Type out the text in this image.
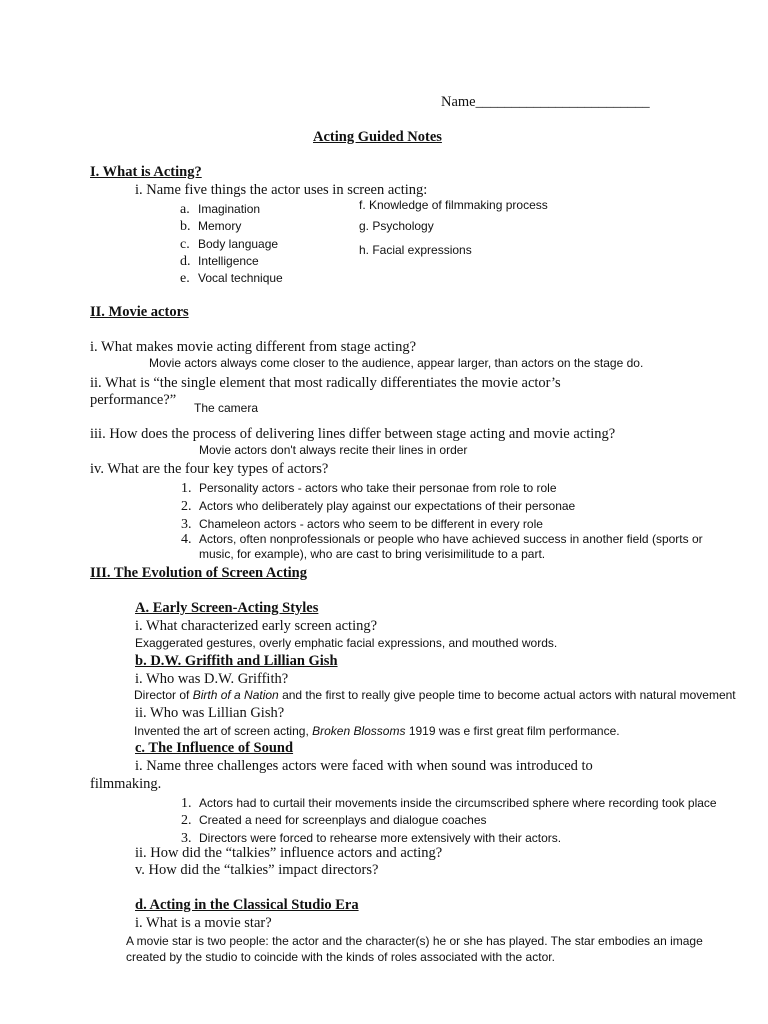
Name________________________
Acting Guided Notes
I. What is Acting?
i. Name five things the actor uses in screen acting:
a. Imagination
b. Memory
c. Body language
d. Intelligence
e. Vocal technique
f. Knowledge of filmmaking process
g. Psychology
h. Facial expressions
II. Movie actors
i. What makes movie acting different from stage acting?
Movie actors always come closer to the audience, appear larger, than actors on the stage do.
ii. What is “the single element that most radically differentiates the movie actor’s
performance?” The camera
iii. How does the process of delivering lines differ between stage acting and movie acting?
Movie actors don't always recite their lines in order
iv. What are the four key types of actors?
1. Personality actors - actors who take their personae from role to role
2. Actors who deliberately play against our expectations of their personae
3. Chameleon actors - actors who seem to be different in every role
4. Actors, often nonprofessionals or people who have achieved success in another field (sports or music, for example), who are cast to bring verisimilitude to a part.
III. The Evolution of Screen Acting
A. Early Screen-Acting Styles
i. What characterized early screen acting?
Exaggerated gestures, overly emphatic facial expressions, and mouthed words.
b. D.W. Griffith and Lillian Gish
i. Who was D.W. Griffith?
Director of Birth of a Nation and the first to really give people time to become actual actors with natural movement
ii. Who was Lillian Gish?
Invented the art of screen acting, Broken Blossoms 1919 was e first great film performance.
c. The Influence of Sound
i. Name three challenges actors were faced with when sound was introduced to
filmmaking.
1. Actors had to curtail their movements inside the circumscribed sphere where recording took place
2. Created a need for screenplays and dialogue coaches
3. Directors were forced to rehearse more extensively with their actors.
ii. How did the “talkies” influence actors and acting?
v. How did the “talkies” impact directors?
d. Acting in the Classical Studio Era
i. What is a movie star?
A movie star is two people: the actor and the character(s) he or she has played. The star embodies an image
created by the studio to coincide with the kinds of roles associated with the actor.
